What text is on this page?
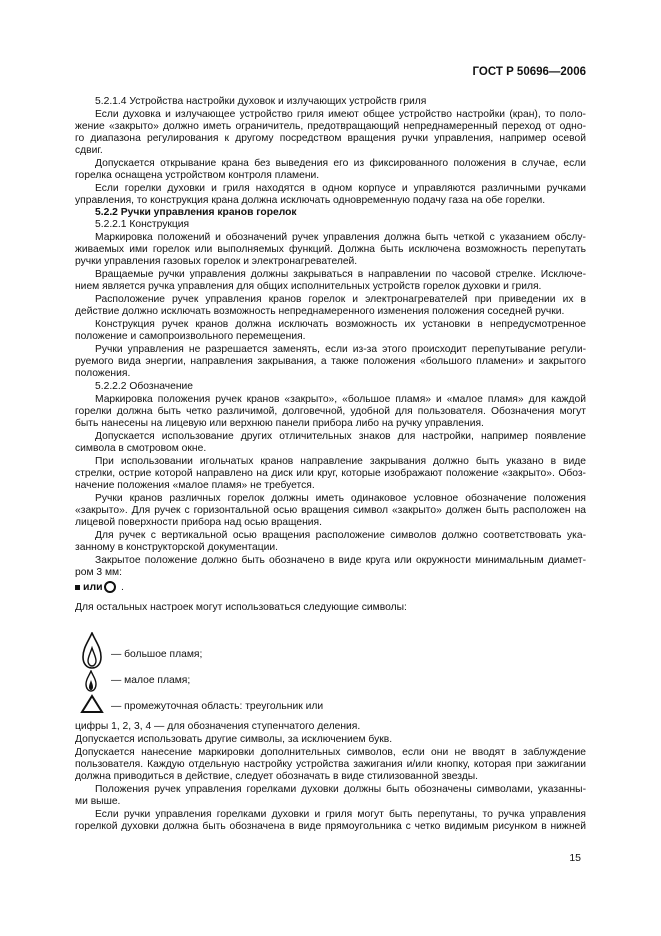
ГОСТ Р 50696—2006
или .
— большое пламя;
— малое пламя;
— промежуточная область: треугольник или
5.2.1.4 Устройства настройки духовок и излучающих устройств гриля
Если духовка и излучающее устройство гриля имеют общее устройство настройки (кран), то поло-
жение «закрыто» должно иметь ограничитель, предотвращающий непреднамеренный переход от одно-
го диапазона регулирования к другому посредством вращения ручки управления, например осевой
сдвиг.
Допускается открывание крана без выведения его из фиксированного положения в случае, если
горелка оснащена устройством контроля пламени.
Если горелки духовки и гриля находятся в одном корпусе и управляются различными ручками
управления, то конструкция крана должна исключать одновременную подачу газа на обе горелки.
5.2.2 Ручки управления кранов горелок
5.2.2.1 Конструкция
Маркировка положений и обозначений ручек управления должна быть четкой с указанием обслу-
живаемых ими горелок или выполняемых функций. Должна быть исключена возможность перепутать
ручки управления газовых горелок и электронагревателей.
Вращаемые ручки управления должны закрываться в направлении по часовой стрелке. Исключе-
нием является ручка управления для общих исполнительных устройств горелок духовки и гриля.
Расположение ручек управления кранов горелок и электронагревателей при приведении их в
действие должно исключать возможность непреднамеренного изменения положения соседней ручки.
Конструкция ручек кранов должна исключать возможность их установки в непредусмотренное
положение и самопроизвольного перемещения.
Ручки управления не разрешается заменять, если из-за этого происходит перепутывание регули-
руемого вида энергии, направления закрывания, а также положения «большого пламени» и закрытого
положения.
5.2.2.2 Обозначение
Маркировка положения ручек кранов «закрыто», «большое пламя» и «малое пламя» для каждой
горелки должна быть четко различимой, долговечной, удобной для пользователя. Обозначения могут
быть нанесены на лицевую или верхнюю панели прибора либо на ручку управления.
Допускается использование других отличительных знаков для настройки, например появление
символа в смотровом окне.
При использовании игольчатых кранов направление закрывания должно быть указано в виде
стрелки, острие которой направлено на диск или круг, которые изображают положение «закрыто». Обоз-
начение положения «малое пламя» не требуется.
Ручки кранов различных горелок должны иметь одинаковое условное обозначение положения
«закрыто». Для ручек с горизонтальной осью вращения символ «закрыто» должен быть расположен на
лицевой поверхности прибора над осью вращения.
Для ручек с вертикальной осью вращения расположение символов должно соответствовать ука-
занному в конструкторской документации.
Закрытое положение должно быть обозначено в виде круга или окружности минимальным диамет-
ром 3 мм:
Для остальных настроек могут использоваться следующие символы:
цифры 1, 2, 3, 4 — для обозначения ступенчатого деления.
Допускается использовать другие символы, за исключением букв.
Допускается нанесение маркировки дополнительных символов, если они не вводят в заблуждение
пользователя. Каждую отдельную настройку устройства зажигания и/или кнопку, которая при зажигании
должна приводиться в действие, следует обозначать в виде стилизованной звезды.
Положения ручек управления горелками духовки должны быть обозначены символами, указанны-
ми выше.
Если ручки управления горелками духовки и гриля могут быть перепутаны, то ручка управления
горелкой духовки должна быть обозначена в виде прямоугольника с четко видимым рисунком в нижней
15
